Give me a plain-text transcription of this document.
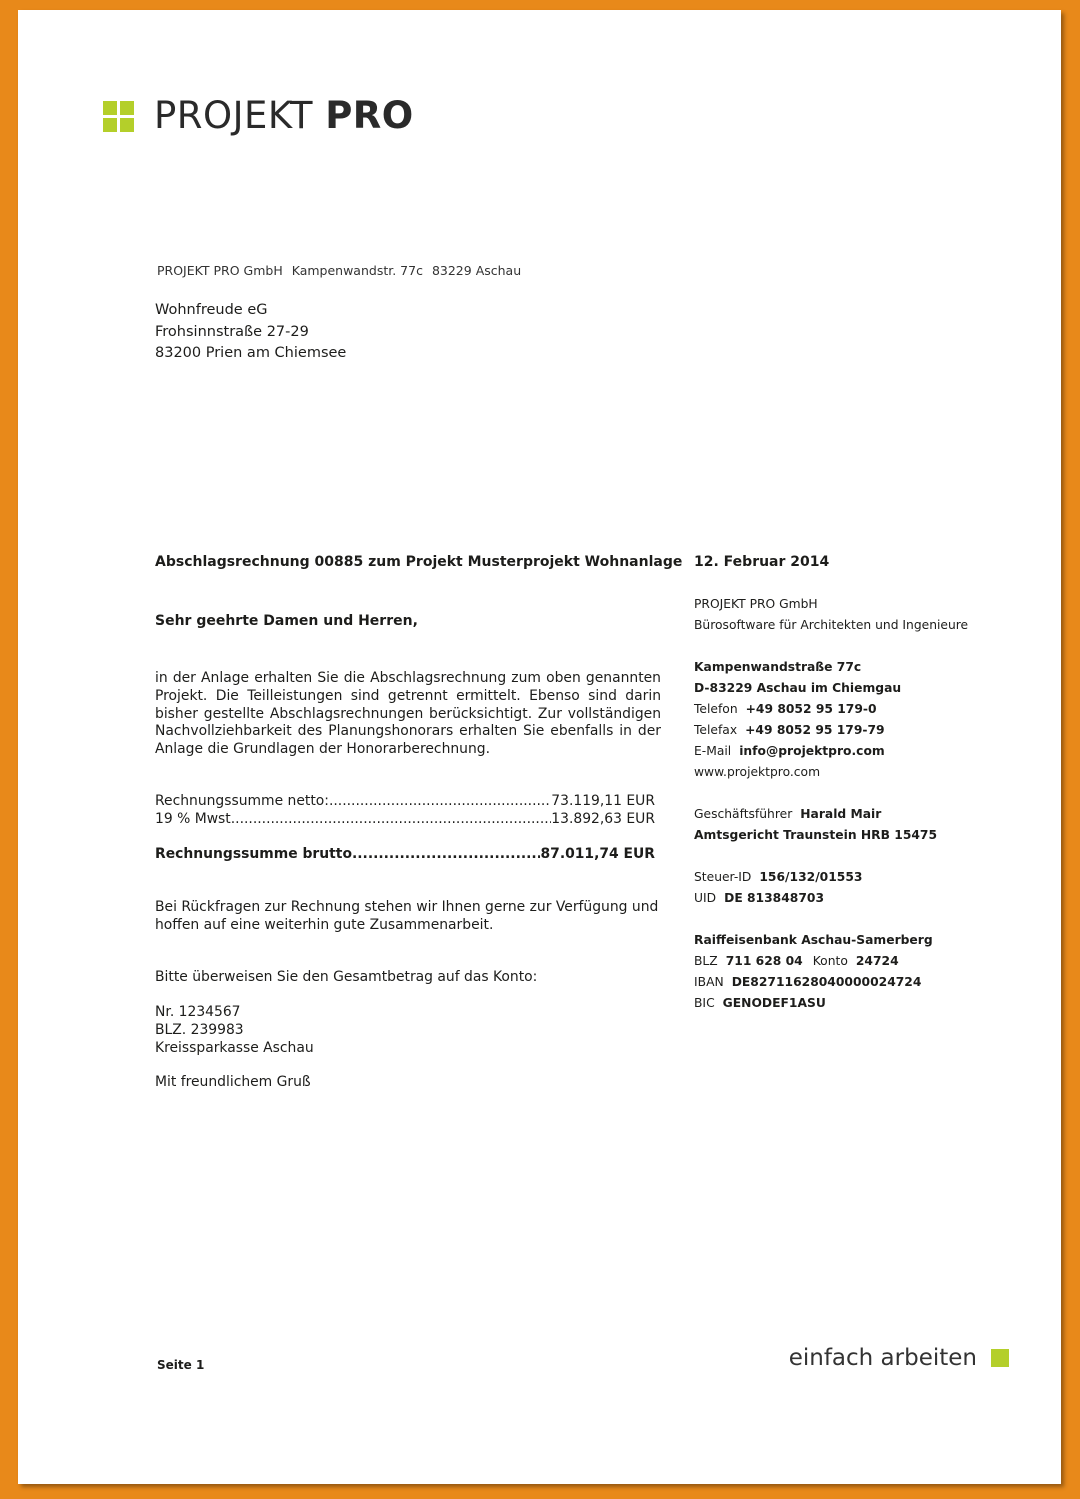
PROJEKT PRO
PROJEKT PRO GmbH Kampenwandstr. 77c 83229 Aschau
Wohnfreude eG
Frohsinnstraße 27-29
83200 Prien am Chiemsee
Abschlagsrechnung 00885 zum Projekt Musterprojekt Wohnanlage 12. Februar 2014
Sehr geehrte Damen und Herren,
in der Anlage erhalten Sie die Abschlagsrechnung zum oben genannten Projekt. Die Teilleistungen sind getrennt ermittelt. Ebenso sind darin bisher gestellte Abschlagsrechnungen berücksichtigt. Zur vollständigen Nachvollziehbarkeit des Planungshonorars erhalten Sie ebenfalls in der Anlage die Grundlagen der Honorarberechnung.
Rechnungssumme netto: .....	73.119,11 EUR
19 % Mwst. .....	13.892,63 EUR
Rechnungssumme brutto. .....	87.011,74 EUR
Bei Rückfragen zur Rechnung stehen wir Ihnen gerne zur Verfügung und hoffen auf eine weiterhin gute Zusammenarbeit.
Bitte überweisen Sie den Gesamtbetrag auf das Konto:
Nr. 1234567
BLZ. 239983
Kreissparkasse Aschau
Mit freundlichem Gruß
PROJEKT PRO GmbH
Bürosoftware für Architekten und Ingenieure
Kampenwandstraße 77c
D-83229 Aschau im Chiemgau
Telefon +49 8052 95 179-0
Telefax +49 8052 95 179-79
E-Mail info@projektpro.com
www.projektpro.com
Geschäftsführer Harald Mair
Amtsgericht Traunstein HRB 15475
Steuer-ID 156/132/01553
UID DE 813848703
Raiffeisenbank Aschau-Samerberg
BLZ 711 628 04 Konto 24724
IBAN DE82711628040000024724
BIC GENODEF1ASU
Seite 1	einfach arbeiten
